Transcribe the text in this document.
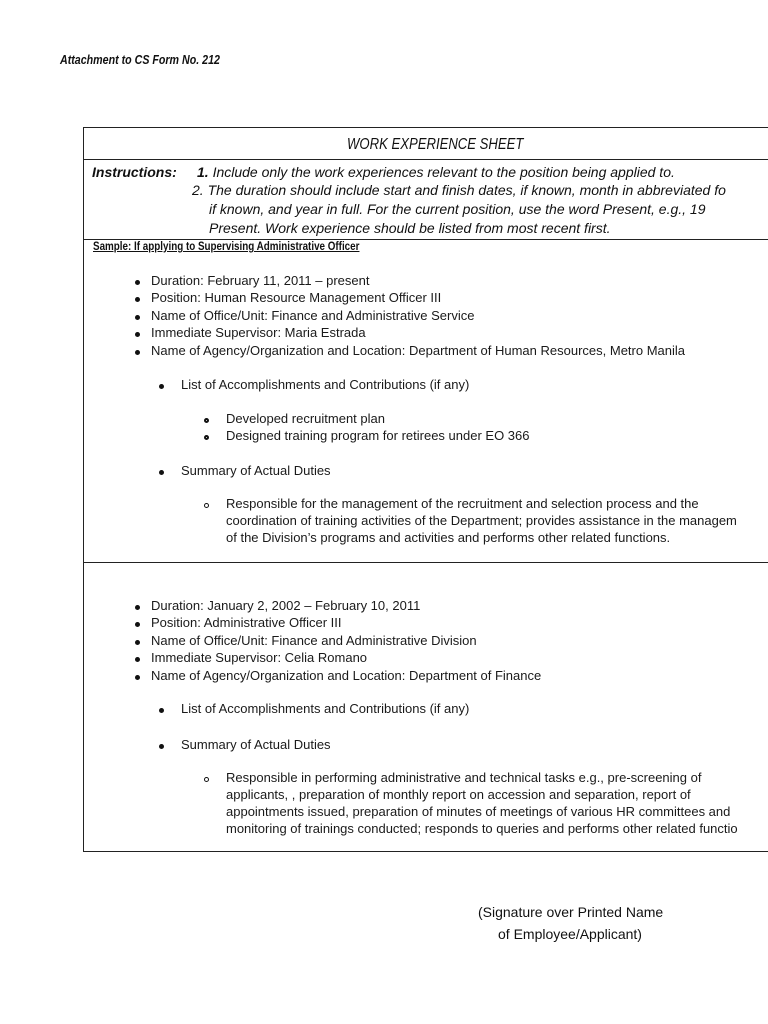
Attachment to CS Form No. 212
WORK EXPERIENCE SHEET
Instructions: 1. Include only the work experiences relevant to the position being applied to.
2. The duration should include start and finish dates, if known, month in abbreviated fo
if known, and year in full. For the current position, use the word Present, e.g., 19
Present. Work experience should be listed from most recent first.
Sample: If applying to Supervising Administrative Officer
Duration: February 11, 2011 – present
Position: Human Resource Management Officer III
Name of Office/Unit: Finance and Administrative Service
Immediate Supervisor: Maria Estrada
Name of Agency/Organization and Location: Department of Human Resources, Metro Manila
List of Accomplishments and Contributions (if any)
Developed recruitment plan
Designed training program for retirees under EO 366
Summary of Actual Duties
Responsible for the management of the recruitment and selection process and the
coordination of training activities of the Department; provides assistance in the managem
of the Division’s programs and activities and performs other related functions.
Duration: January 2, 2002 – February 10, 2011
Position: Administrative Officer III
Name of Office/Unit: Finance and Administrative Division
Immediate Supervisor: Celia Romano
Name of Agency/Organization and Location: Department of Finance
List of Accomplishments and Contributions (if any)
Summary of Actual Duties
Responsible in performing administrative and technical tasks e.g., pre-screening of
applicants, , preparation of monthly report on accession and separation, report of
appointments issued, preparation of minutes of meetings of various HR committees and
monitoring of trainings conducted; responds to queries and performs other related functio
(Signature over Printed Name
of Employee/Applicant)
